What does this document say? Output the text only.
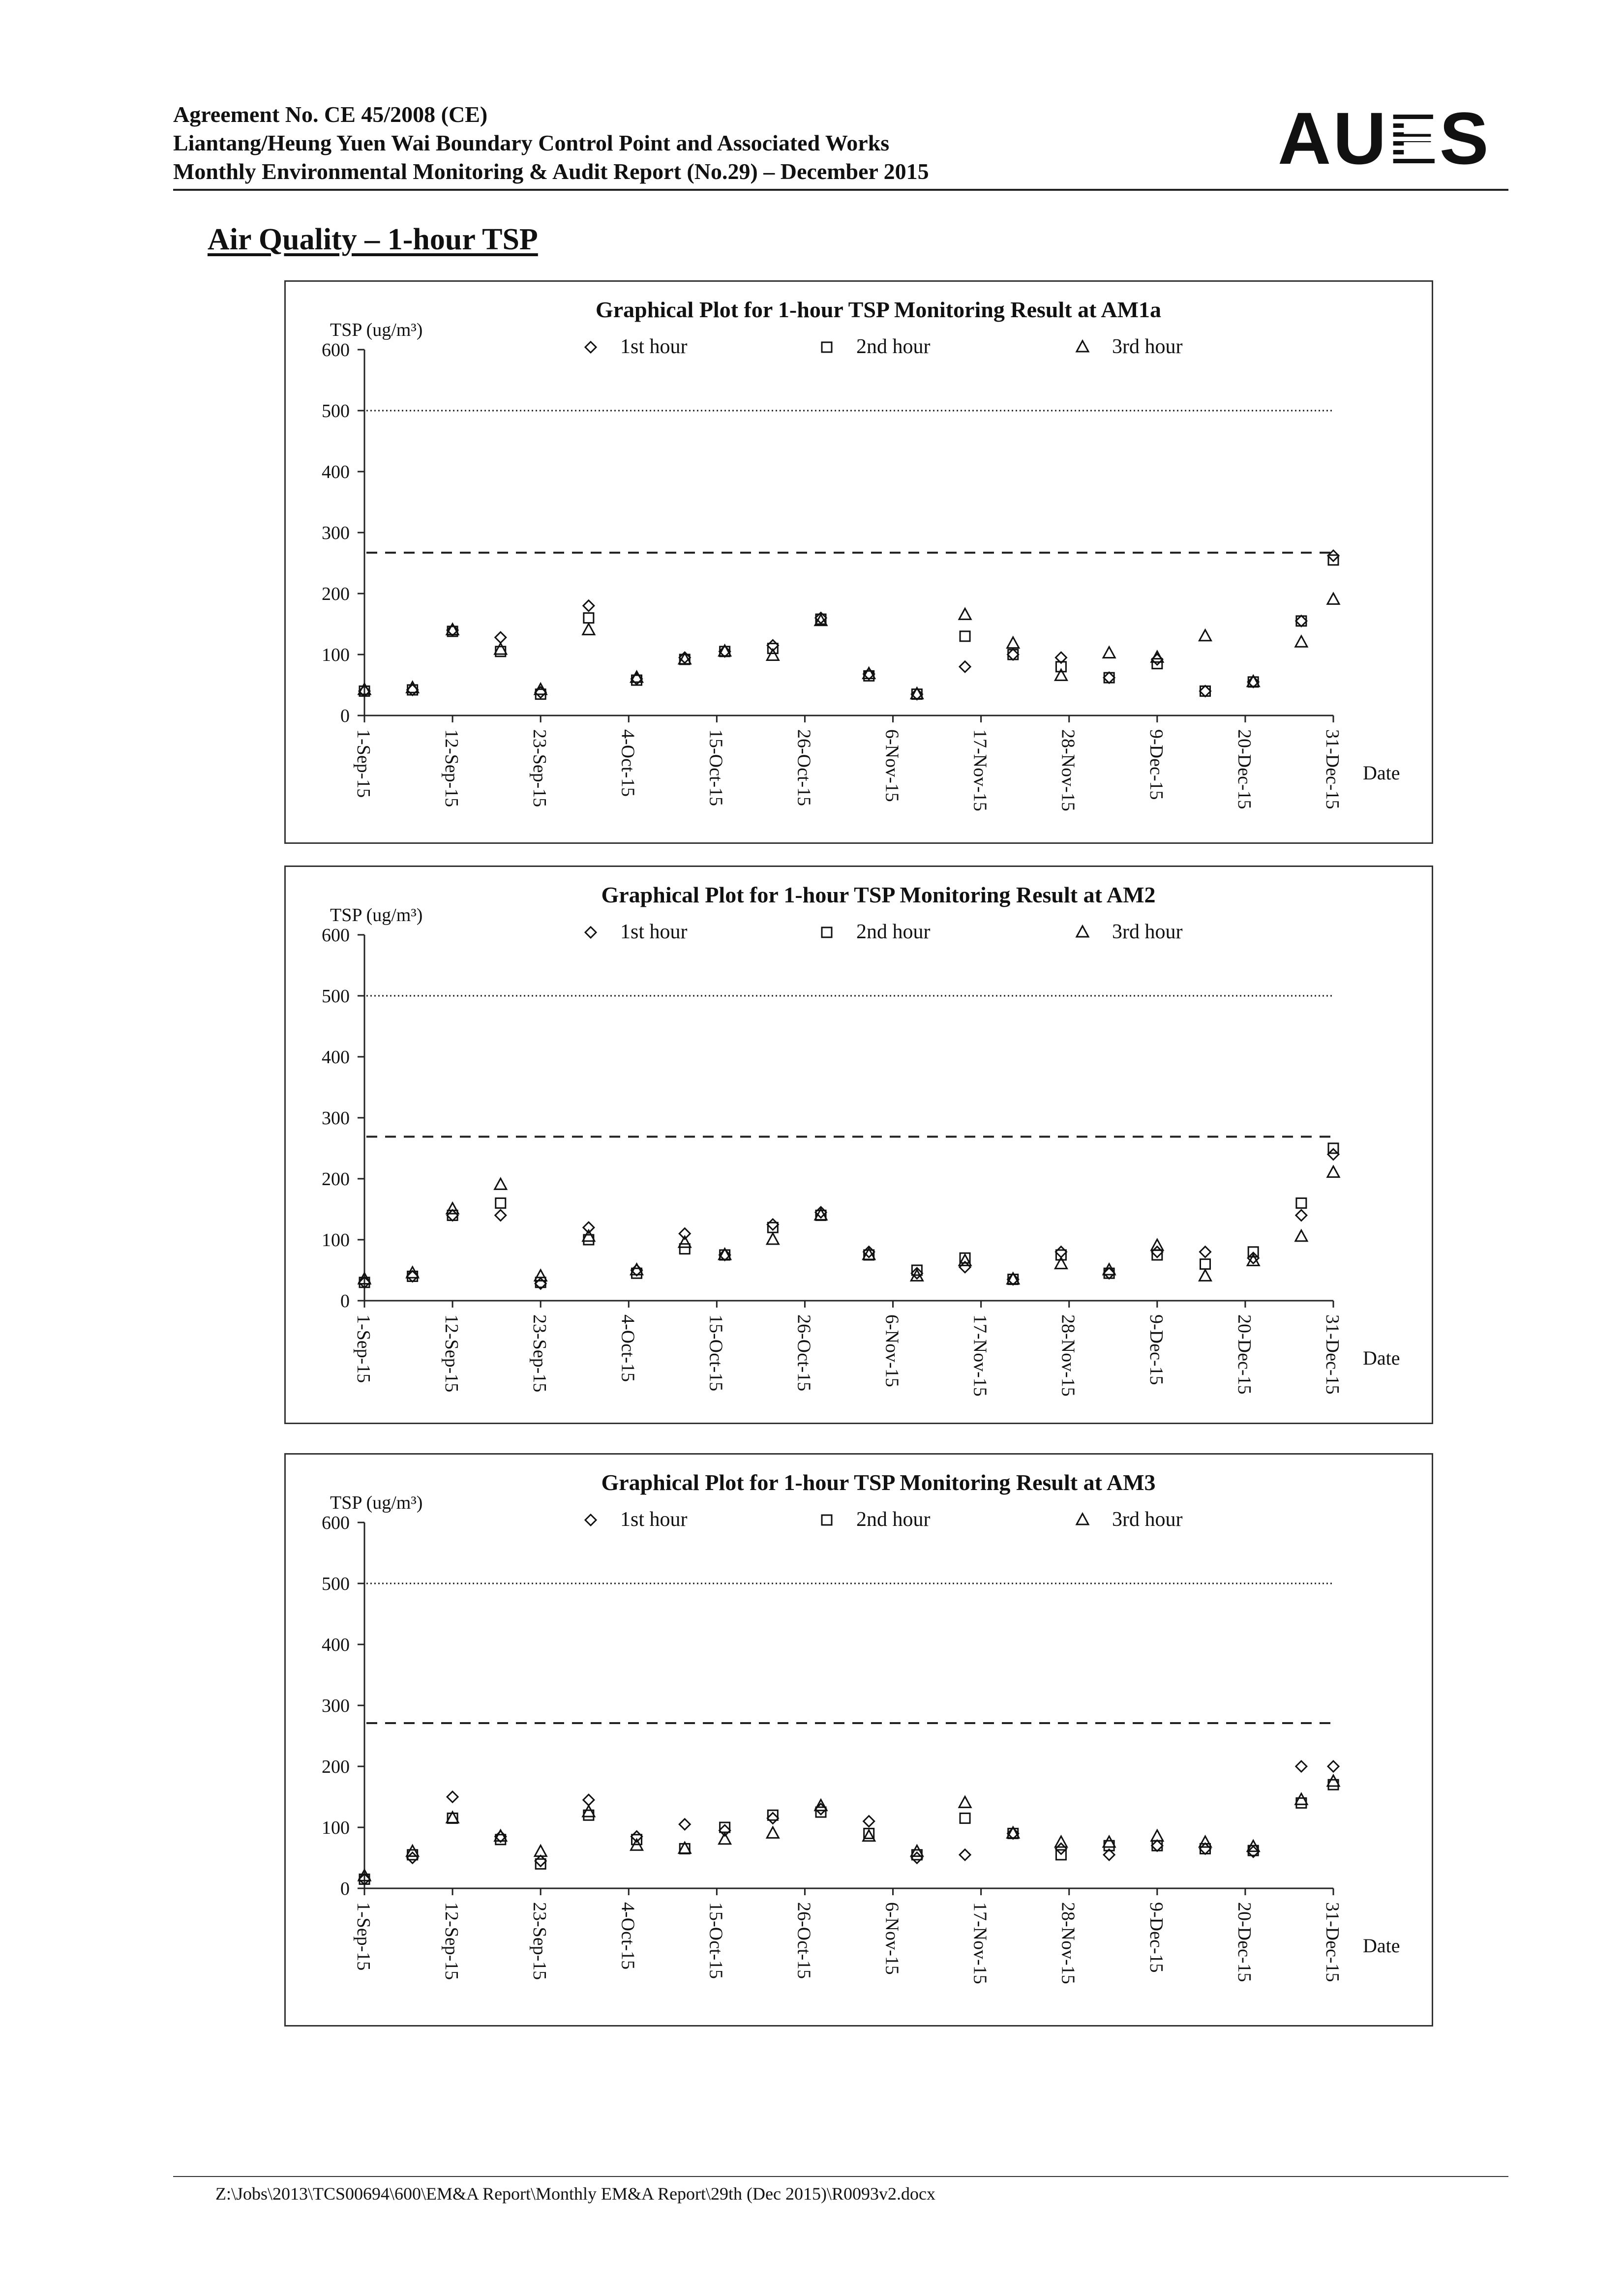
Agreement No. CE 45/2008 (CE)
Liantang/Heung Yuen Wai Boundary Control Point and Associated Works
Monthly Environmental Monitoring & Audit Report (No.29) – December 2015	AUES
Air Quality – 1-hour TSP
Graphical Plot for 1-hour TSP Monitoring Result at AM1a
TSP (ug/m³)
1st hour	2nd hour	3rd hour
0
100
200
300
400
500
600
1-Sep-15	12-Sep-15	23-Sep-15	4-Oct-15	15-Oct-15	26-Oct-15	6-Nov-15	17-Nov-15	28-Nov-15	9-Dec-15	20-Dec-15	31-Dec-15 Date
Graphical Plot for 1-hour TSP Monitoring Result at AM2
TSP (ug/m³)
1st hour	2nd hour	3rd hour
0
100
200
300
400
500
600
1-Sep-15	12-Sep-15	23-Sep-15	4-Oct-15	15-Oct-15	26-Oct-15	6-Nov-15	17-Nov-15	28-Nov-15	9-Dec-15	20-Dec-15	31-Dec-15 Date
Graphical Plot for 1-hour TSP Monitoring Result at AM3
TSP (ug/m³)
1st hour	2nd hour	3rd hour
0
100
200
300
400
500
600
1-Sep-15	12-Sep-15	23-Sep-15	4-Oct-15	15-Oct-15	26-Oct-15	6-Nov-15	17-Nov-15	28-Nov-15	9-Dec-15	20-Dec-15	31-Dec-15 Date
Z:\Jobs\2013\TCS00694\600\EM&A Report\Monthly EM&A Report\29th (Dec 2015)\R0093v2.docx
